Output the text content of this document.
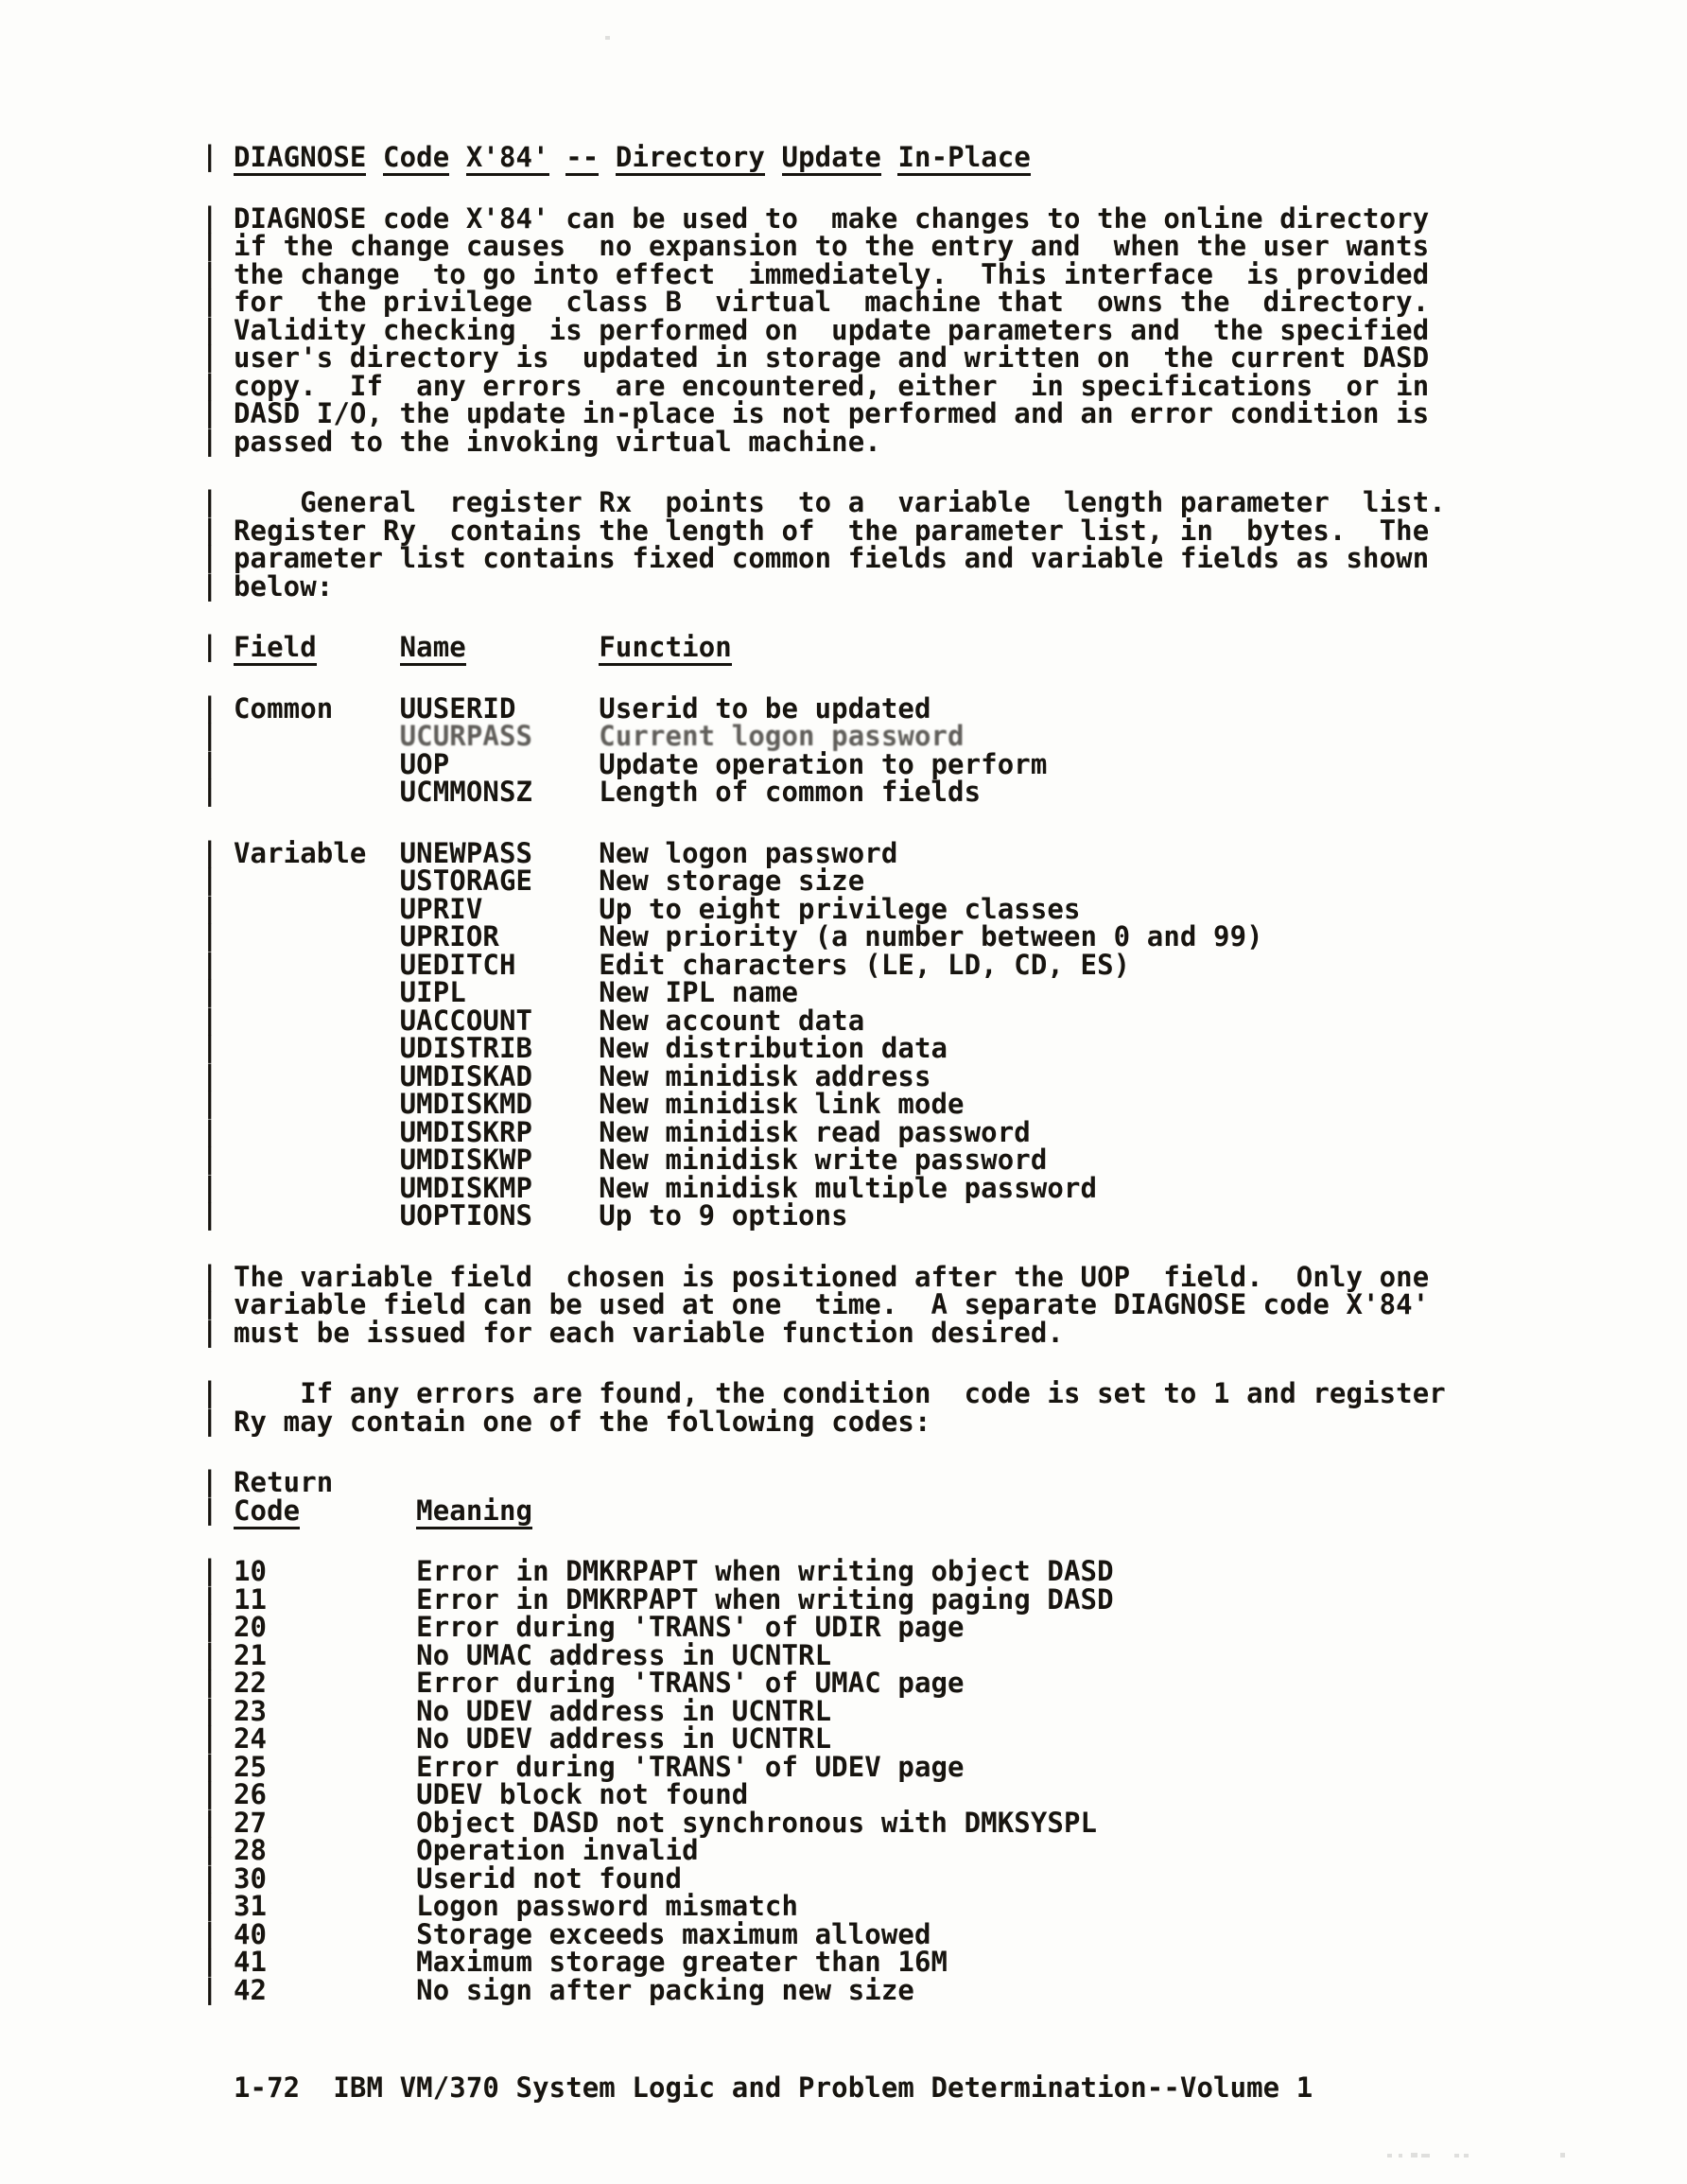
| DIAGNOSE Code X'84' -- Directory Update In-Place
| DIAGNOSE code X'84' can be used to  make changes to the online directory
| if the change causes  no expansion to the entry and  when the user wants
| the change  to go into effect  immediately.  This interface  is provided
| for  the privilege  class B  virtual  machine that  owns the  directory.
| Validity checking  is performed on  update parameters and  the specified
| user's directory is  updated in storage and written on  the current DASD
| copy.  If  any errors  are encountered, either  in specifications  or in
| DASD I/O, the update in-place is not performed and an error condition is
| passed to the invoking virtual machine.
| General  register Rx  points  to a  variable  length parameter  list.
| Register Ry  contains the length of  the parameter list, in  bytes.  The
| parameter list contains fixed common fields and variable fields as shown
| below:
| Field	Name	Function
| Common    UUSERID     Userid to be updated
| UCURPASS    Current logon password
| UOP         Update operation to perform
| UCMMONSZ    Length of common fields
| Variable  UNEWPASS    New logon password
| USTORAGE    New storage size
| UPRIV       Up to eight privilege classes
| UPRIOR      New priority (a number between 0 and 99)
| UEDITCH     Edit characters (LE, LD, CD, ES)
| UIPL        New IPL name
| UACCOUNT    New account data
| UDISTRIB    New distribution data
| UMDISKAD    New minidisk address
| UMDISKMD    New minidisk link mode
| UMDISKRP    New minidisk read password
| UMDISKWP    New minidisk write password
| UMDISKMP    New minidisk multiple password
| UOPTIONS    Up to 9 options
| The variable field  chosen is positioned after the UOP  field.  Only one
| variable field can be used at one  time.  A separate DIAGNOSE code X'84'
| must be issued for each variable function desired.
| If any errors are found, the condition  code is set to 1 and register
| Ry may contain one of the following codes:
| Return
| Code	Meaning
| 10         Error in DMKRPAPT when writing object DASD
| 11         Error in DMKRPAPT when writing paging DASD
| 20         Error during 'TRANS' of UDIR page
| 21         No UMAC address in UCNTRL
| 22         Error during 'TRANS' of UMAC page
| 23         No UDEV address in UCNTRL
| 24         No UDEV address in UCNTRL
| 25         Error during 'TRANS' of UDEV page
| 26         UDEV block not found
| 27         Object DASD not synchronous with DMKSYSPL
| 28         Operation invalid
| 30         Userid not found
| 31         Logon password mismatch
| 40         Storage exceeds maximum allowed
| 41         Maximum storage greater than 16M
| 42         No sign after packing new size
1-72  IBM VM/370 System Logic and Problem Determination--Volume 1
